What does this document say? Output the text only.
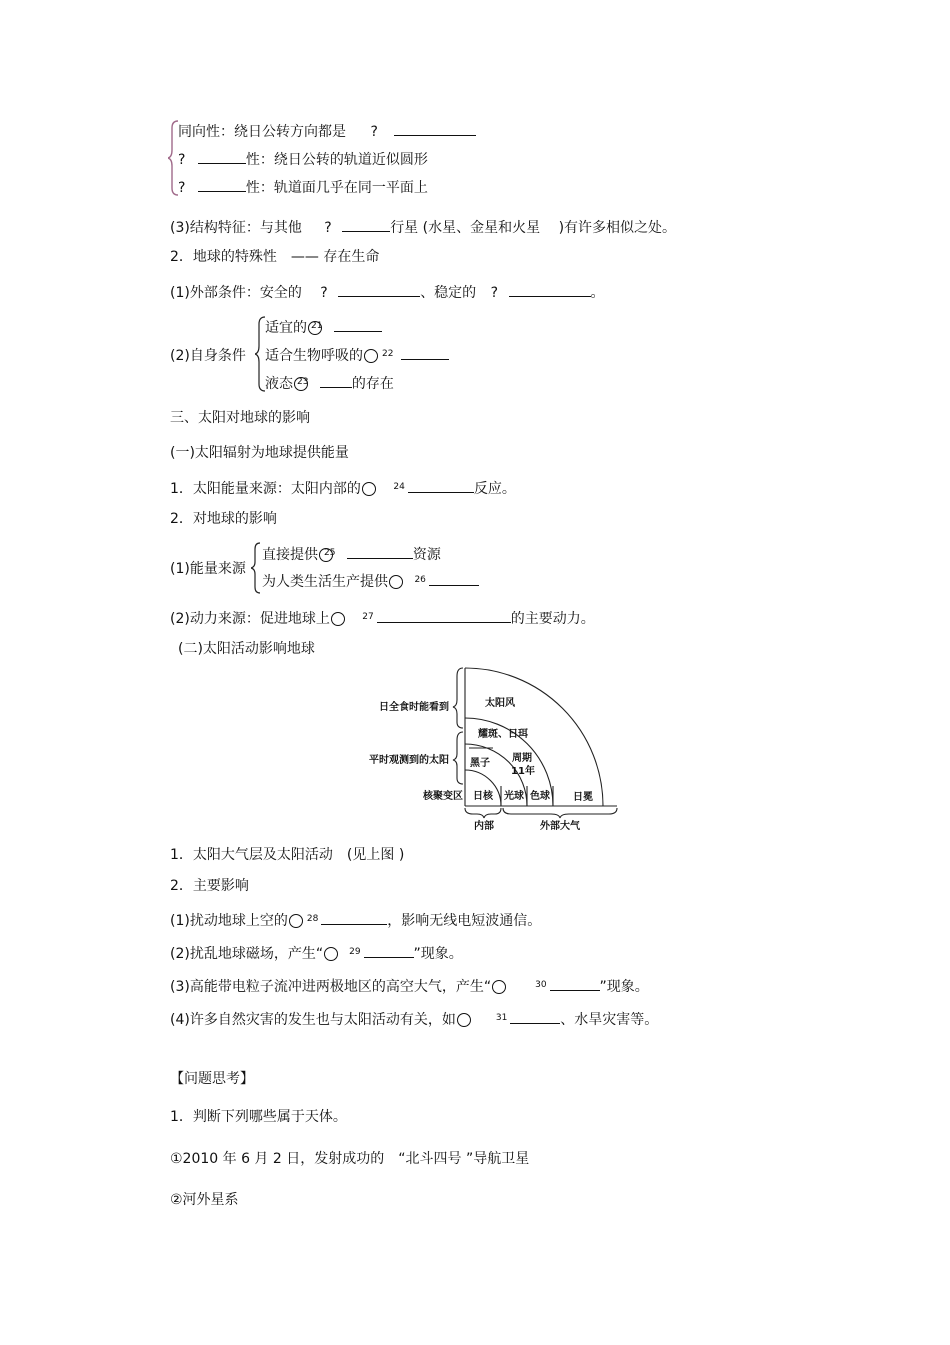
同向性：绕日公转方向都是 ?
?	性：绕日公转的轨道近似圆形
?	性：轨道面几乎在同一平面上
(3)结构特征：与其他 ?	行星 (水星、金星和火星 )有许多相似之处。
2．地球的特殊性　—— 存在生命
(1)外部条件：安全的 ?	、稳定的 ?	。
(2)自身条件
适宜的 $^{21}$
适合生物呼吸的 $^{22}$
液态 $^{23}$	的存在
三、太阳对地球的影响
(一)太阳辐射为地球提供能量
1．太阳能量来源：太阳内部的	$^{24}$	反应。
2．对地球的影响
(1)能量来源
直接提供 $^{25}$	资源
为人类生活生产提供	$^{26}$
(2)动力来源：促进地球上	$^{27}$	的主要动力。
(二)太阳活动影响地球
日全食时能看到
平时观测到的太阳
核聚变区
太阳风
耀斑、日珥
周期
11年
黑子
日核 光球 色球 日冕
内部	外部大气
1．太阳大气层及太阳活动　(见上图 )
2．主要影响
(1)扰动地球上空的 $^{28}$	，影响无线电短波通信。
(2)扰乱地球磁场，产生“	$^{29}$	”现象。
(3)高能带电粒子流冲进两极地区的高空大气，产生“	$^{30}$	”现象。
(4)许多自然灾害的发生也与太阳活动有关，如	$^{31}$	、水旱灾害等。
【问题思考】
1．判断下列哪些属于天体。
①2010 年 6 月 2 日，发射成功的　“北斗四号 ”导航卫星
②河外星系
